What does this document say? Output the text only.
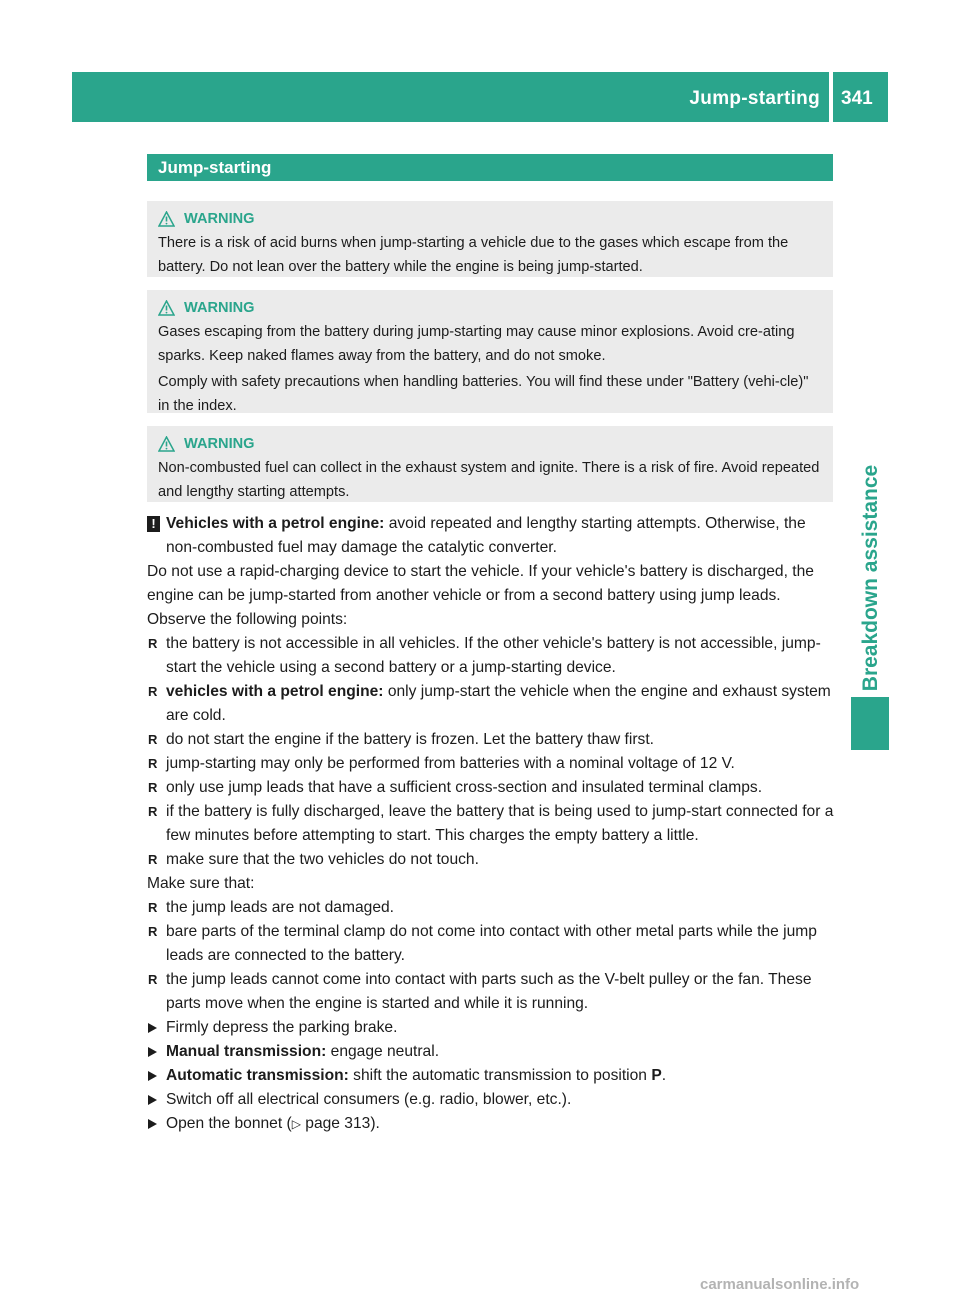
Jump-starting 341
Breakdown assistance
Jump-starting
WARNING

There is a risk of acid burns when jump-starting a vehicle due to the gases which escape from the battery. Do not lean over the battery while the engine is being jump-started.

WARNING

Gases escaping from the battery during jump-starting may cause minor explosions. Avoid cre-ating sparks. Keep naked flames away from the battery, and do not smoke.

Comply with safety precautions when handling batteries. You will find these under "Battery (vehi-cle)" in the index.

WARNING

Non-combusted fuel can collect in the exhaust system and ignite. There is a risk of fire. Avoid repeated and lengthy starting attempts.

! Vehicles with a petrol engine: avoid repeated and lengthy starting attempts. Otherwise, the non-combusted fuel may damage the catalytic converter.

Do not use a rapid-charging device to start the vehicle. If your vehicle's battery is discharged, the engine can be jump-started from another vehicle or from a second battery using jump leads. Observe the following points:

R the battery is not accessible in all vehicles. If the other vehicle's battery is not accessible, jump-start the vehicle using a second battery or a jump-starting device.

R vehicles with a petrol engine: only jump-start the vehicle when the engine and exhaust system are cold.

R do not start the engine if the battery is frozen. Let the battery thaw first.

R jump-starting may only be performed from batteries with a nominal voltage of 12 V.

R only use jump leads that have a sufficient cross-section and insulated terminal clamps.

R if the battery is fully discharged, leave the battery that is being used to jump-start connected for a few minutes before attempting to start. This charges the empty battery a little.

R make sure that the two vehicles do not touch.

Make sure that:

R the jump leads are not damaged.

R bare parts of the terminal clamp do not come into contact with other metal parts while the jump leads are connected to the battery.

R the jump leads cannot come into contact with parts such as the V-belt pulley or the fan. These parts move when the engine is started and while it is running.

Firmly depress the parking brake.

Manual transmission: engage neutral.

Automatic transmission: shift the automatic transmission to position P.

Switch off all electrical consumers (e.g. radio, blower, etc.).

Open the bonnet (▷ page 313).

carmanualsonline.info
